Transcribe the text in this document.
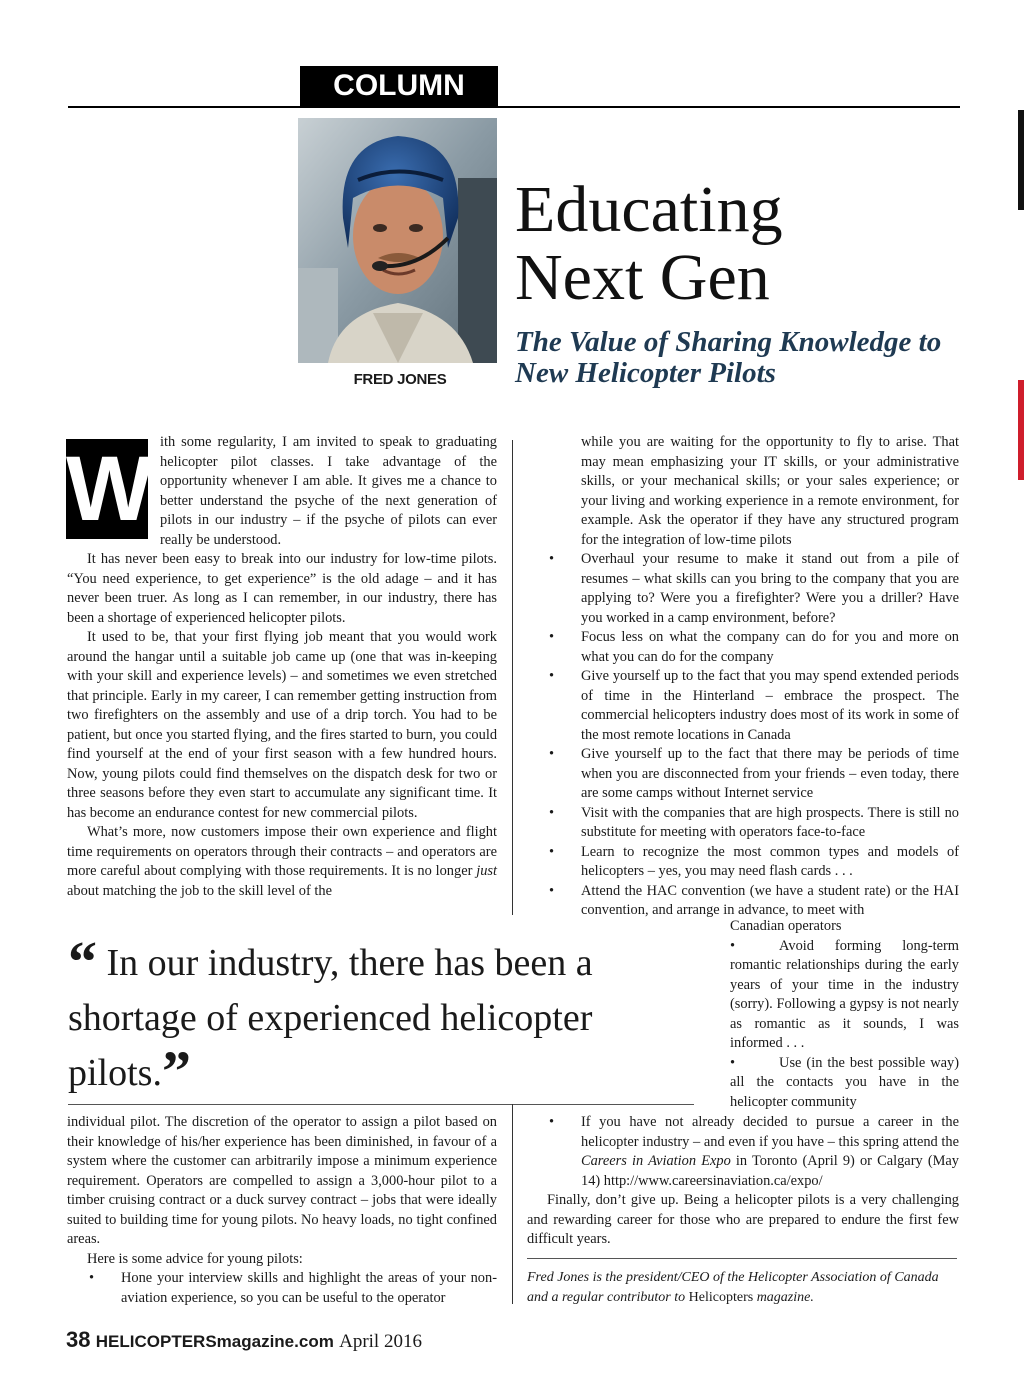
COLUMN
FRED JONES
Educating
Next Gen
The Value of Sharing Knowledge to
New Helicopter Pilots
W ith some regularity, I am invited to speak to graduating helicopter pilot classes. I take advantage of the opportunity whenever I am able. It gives me a chance to better understand the psyche of the next generation of pilots in our industry – if the psyche of pilots can ever really be understood.

It has never been easy to break into our industry for low-time pilots. “You need experience, to get experience” is the old adage – and it has never been truer. As long as I can remember, in our industry, there has been a shortage of experienced helicopter pilots.

It used to be, that your first flying job meant that you would work around the hangar until a suitable job came up (one that was in-keeping with your skill and experience levels) – and sometimes we even stretched that principle. Early in my career, I can remember getting instruction from two firefighters on the assembly and use of a drip torch. You had to be patient, but once you started flying, and the fires started to burn, you could find yourself at the end of your first season with a few hundred hours. Now, young pilots could find themselves on the dispatch desk for two or three seasons before they even start to accumulate any significant time. It has become an endurance contest for new commercial pilots.

What’s more, now customers impose their own experience and flight time requirements on operators through their contracts – and operators are more careful about complying with those requirements. It is no longer just about matching the job to the skill level of the

while you are waiting for the opportunity to fly to arise. That may mean emphasizing your IT skills, or your administrative skills, or your mechanical skills; or your sales experience; or your living and working experience in a remote environment, for example. Ask the operator if they have any structured program for the integration of low-time pilots

• Overhaul your resume to make it stand out from a pile of resumes – what skills can you bring to the company that you are applying to? Were you a firefighter? Were you a driller? Have you worked in a camp environment, before?
• Focus less on what the company can do for you and more on what you can do for the company
• Give yourself up to the fact that you may spend extended periods of time in the Hinterland – embrace the prospect. The commercial helicopters industry does most of its work in some of the most remote locations in Canada
• Give yourself up to the fact that there may be periods of time when you are disconnected from your friends – even today, there are some camps without Internet service
• Visit with the companies that are high prospects. There is still no substitute for meeting with operators face-to-face
• Learn to recognize the most common types and models of helicopters – yes, you may need flash cards . . .
• Attend the HAC convention (we have a student rate) or the HAI convention, and arrange in advance, to meet with

Canadian operators

•	Avoid forming long-term romantic relationships during the early years of your time in the industry (sorry). Following a gypsy is not nearly as romantic as it sounds, I was informed . . .

•	Use (in the best possible way) all the contacts you have in the helicopter community

“ In our industry, there has been a shortage of experienced helicopter pilots.”

individual pilot. The discretion of the operator to assign a pilot based on their knowledge of his/her experience has been diminished, in favour of a system where the customer can arbitrarily impose a minimum experience requirement. Operators are compelled to assign a 3,000-hour pilot to a timber cruising contract or a duck survey contract – jobs that were ideally suited to building time for young pilots. No heavy loads, no tight confined areas.

Here is some advice for young pilots:

• Hone your interview skills and highlight the areas of your non-aviation experience, so you can be useful to the operator
• If you have not already decided to pursue a career in the helicopter industry – and even if you have – this spring attend the Careers in Aviation Expo in Toronto (April 9) or Calgary (May 14) http://www.careersinaviation.ca/expo/

Finally, don’t give up. Being a helicopter pilots is a very challenging and rewarding career for those who are prepared to endure the first few difficult years.

Fred Jones is the president/CEO of the Helicopter Association of Canada and a regular contributor to Helicopters magazine.
38 HELICOPTERSmagazine.com April 2016
